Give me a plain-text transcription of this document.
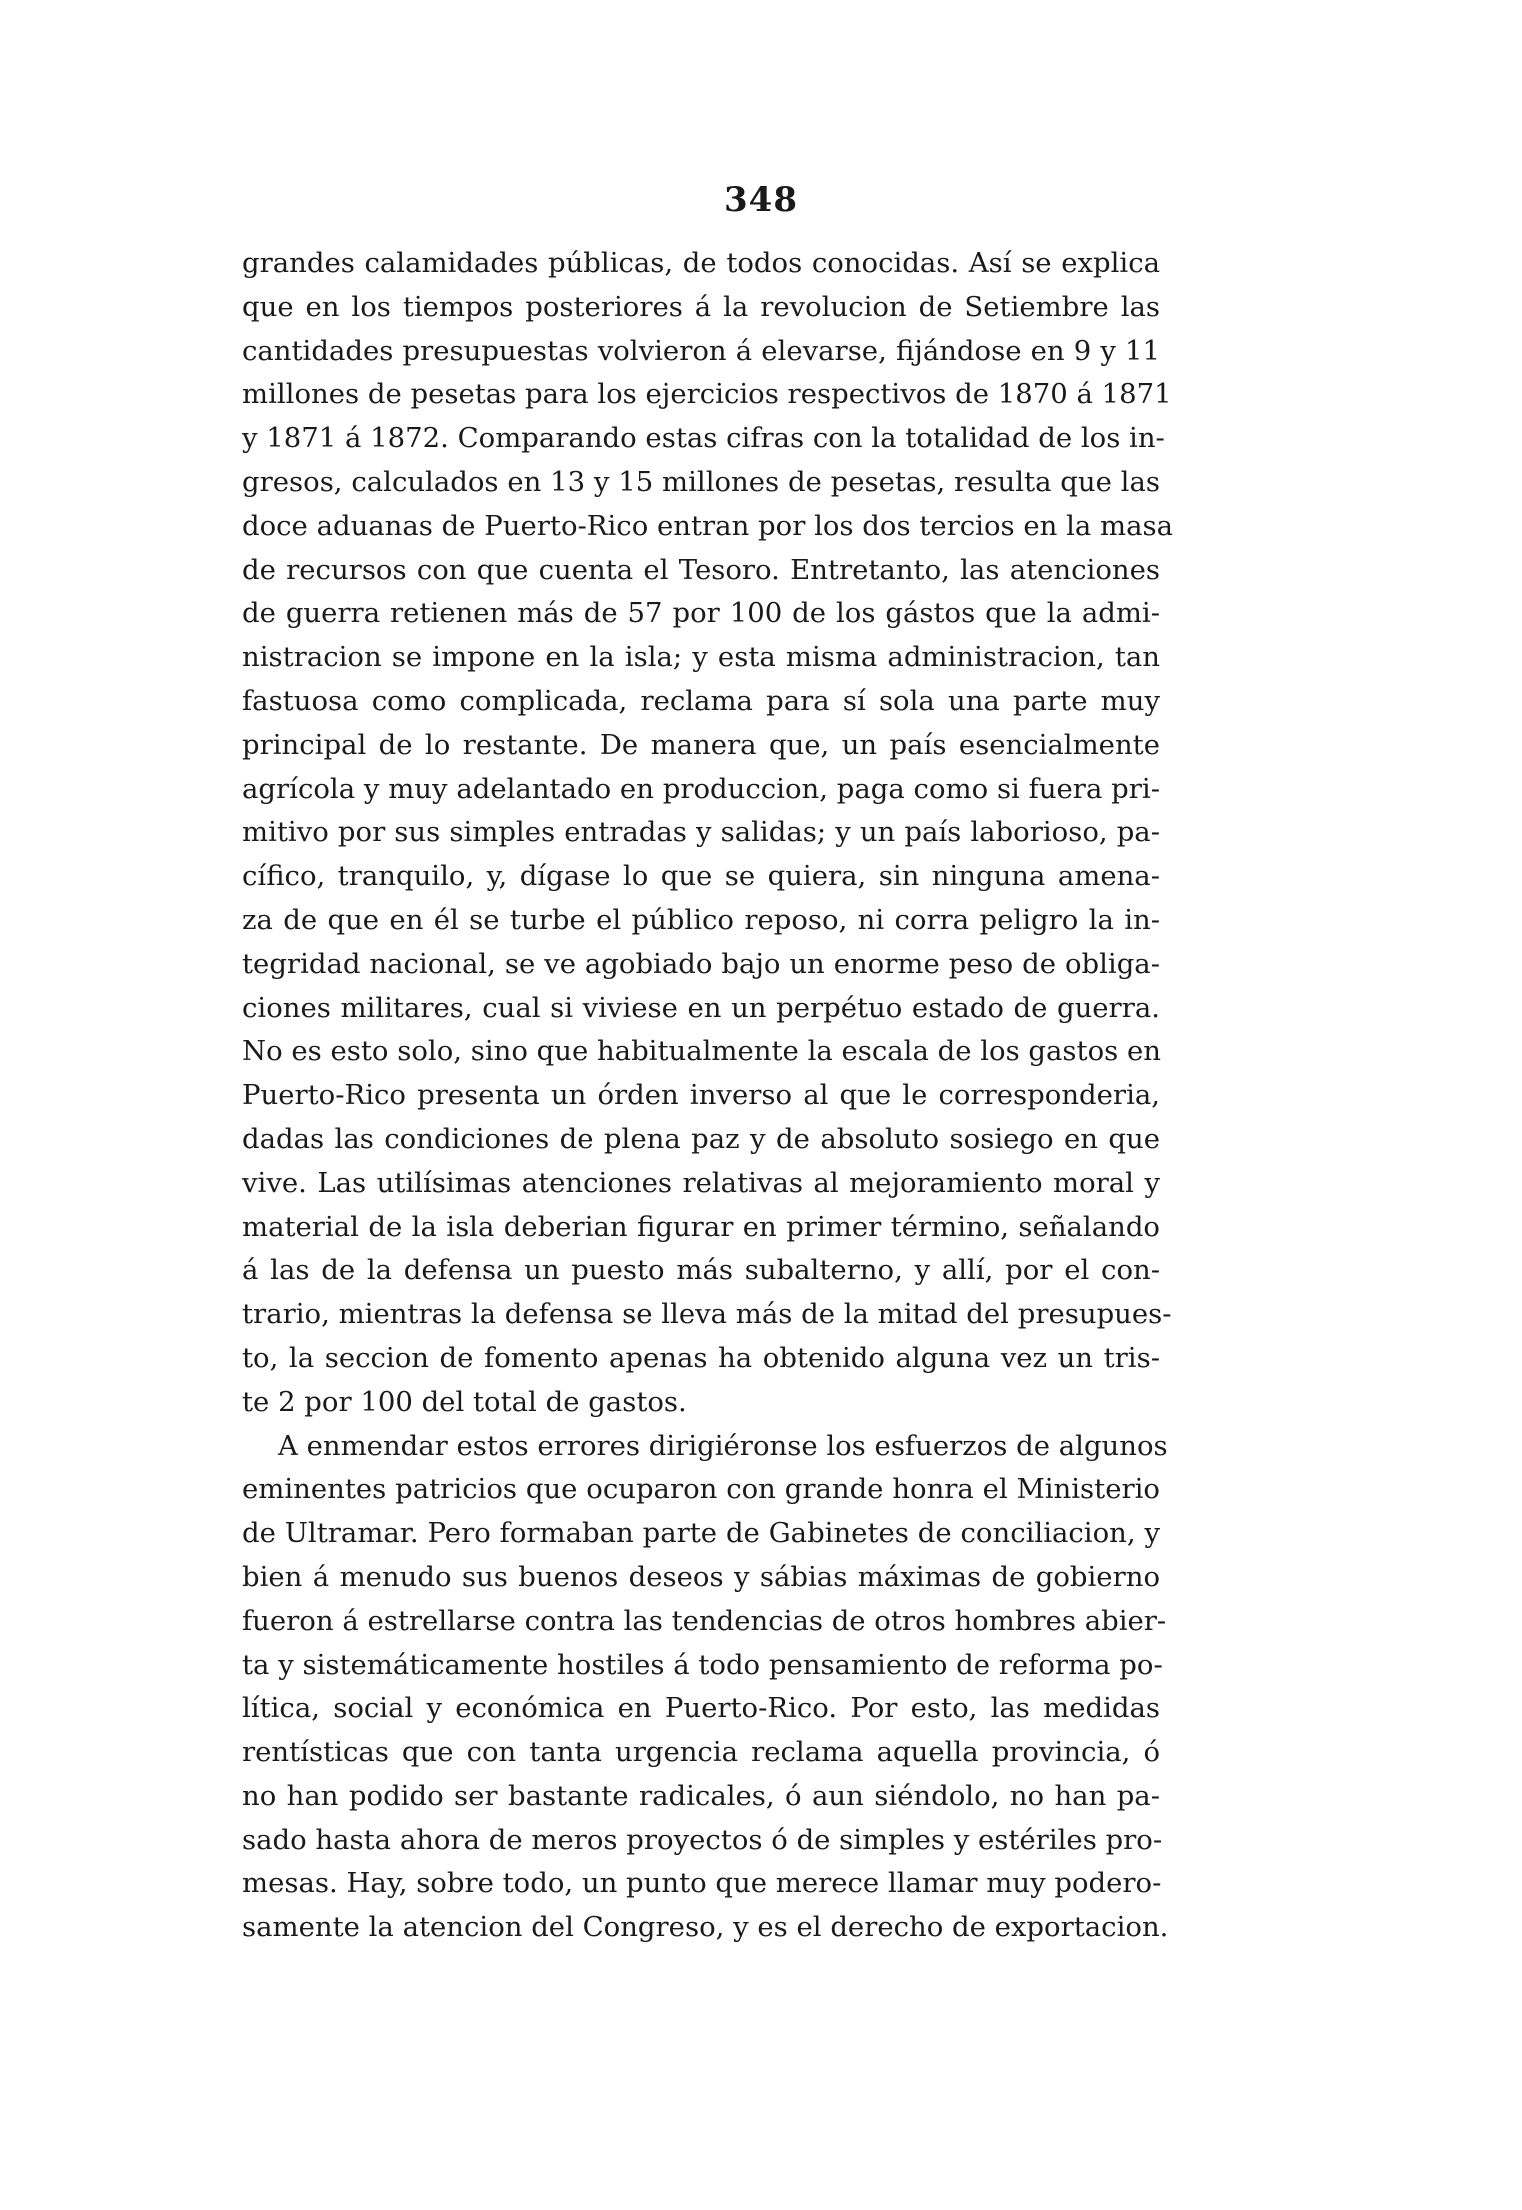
348
grandes calamidades públicas, de todos conocidas. Así se explica
que en los tiempos posteriores á la revolucion de Setiembre las
cantidades presupuestas volvieron á elevarse, fijándose en 9 y 11
millones de pesetas para los ejercicios respectivos de 1870 á 1871
y 1871 á 1872. Comparando estas cifras con la totalidad de los in-
gresos, calculados en 13 y 15 millones de pesetas, resulta que las
doce aduanas de Puerto-Rico entran por los dos tercios en la masa
de recursos con que cuenta el Tesoro. Entretanto, las atenciones
de guerra retienen más de 57 por 100 de los gástos que la admi-
nistracion se impone en la isla; y esta misma administracion, tan
fastuosa como complicada, reclama para sí sola una parte muy
principal de lo restante. De manera que, un país esencialmente
agrícola y muy adelantado en produccion, paga como si fuera pri-
mitivo por sus simples entradas y salidas; y un país laborioso, pa-
cífico, tranquilo, y, dígase lo que se quiera, sin ninguna amena-
za de que en él se turbe el público reposo, ni corra peligro la in-
tegridad nacional, se ve agobiado bajo un enorme peso de obliga-
ciones militares, cual si viviese en un perpétuo estado de guerra.
No es esto solo, sino que habitualmente la escala de los gastos en
Puerto-Rico presenta un órden inverso al que le corresponderia,
dadas las condiciones de plena paz y de absoluto sosiego en que
vive. Las utilísimas atenciones relativas al mejoramiento moral y
material de la isla deberian figurar en primer término, señalando
á las de la defensa un puesto más subalterno, y allí, por el con-
trario, mientras la defensa se lleva más de la mitad del presupues-
to, la seccion de fomento apenas ha obtenido alguna vez un tris-
te 2 por 100 del total de gastos.
A enmendar estos errores dirigiéronse los esfuerzos de algunos
eminentes patricios que ocuparon con grande honra el Ministerio
de Ultramar. Pero formaban parte de Gabinetes de conciliacion, y
bien á menudo sus buenos deseos y sábias máximas de gobierno
fueron á estrellarse contra las tendencias de otros hombres abier-
ta y sistemáticamente hostiles á todo pensamiento de reforma po-
lítica, social y económica en Puerto-Rico. Por esto, las medidas
rentísticas que con tanta urgencia reclama aquella provincia, ó
no han podido ser bastante radicales, ó aun siéndolo, no han pa-
sado hasta ahora de meros proyectos ó de simples y estériles pro-
mesas. Hay, sobre todo, un punto que merece llamar muy podero-
samente la atencion del Congreso, y es el derecho de exportacion.
